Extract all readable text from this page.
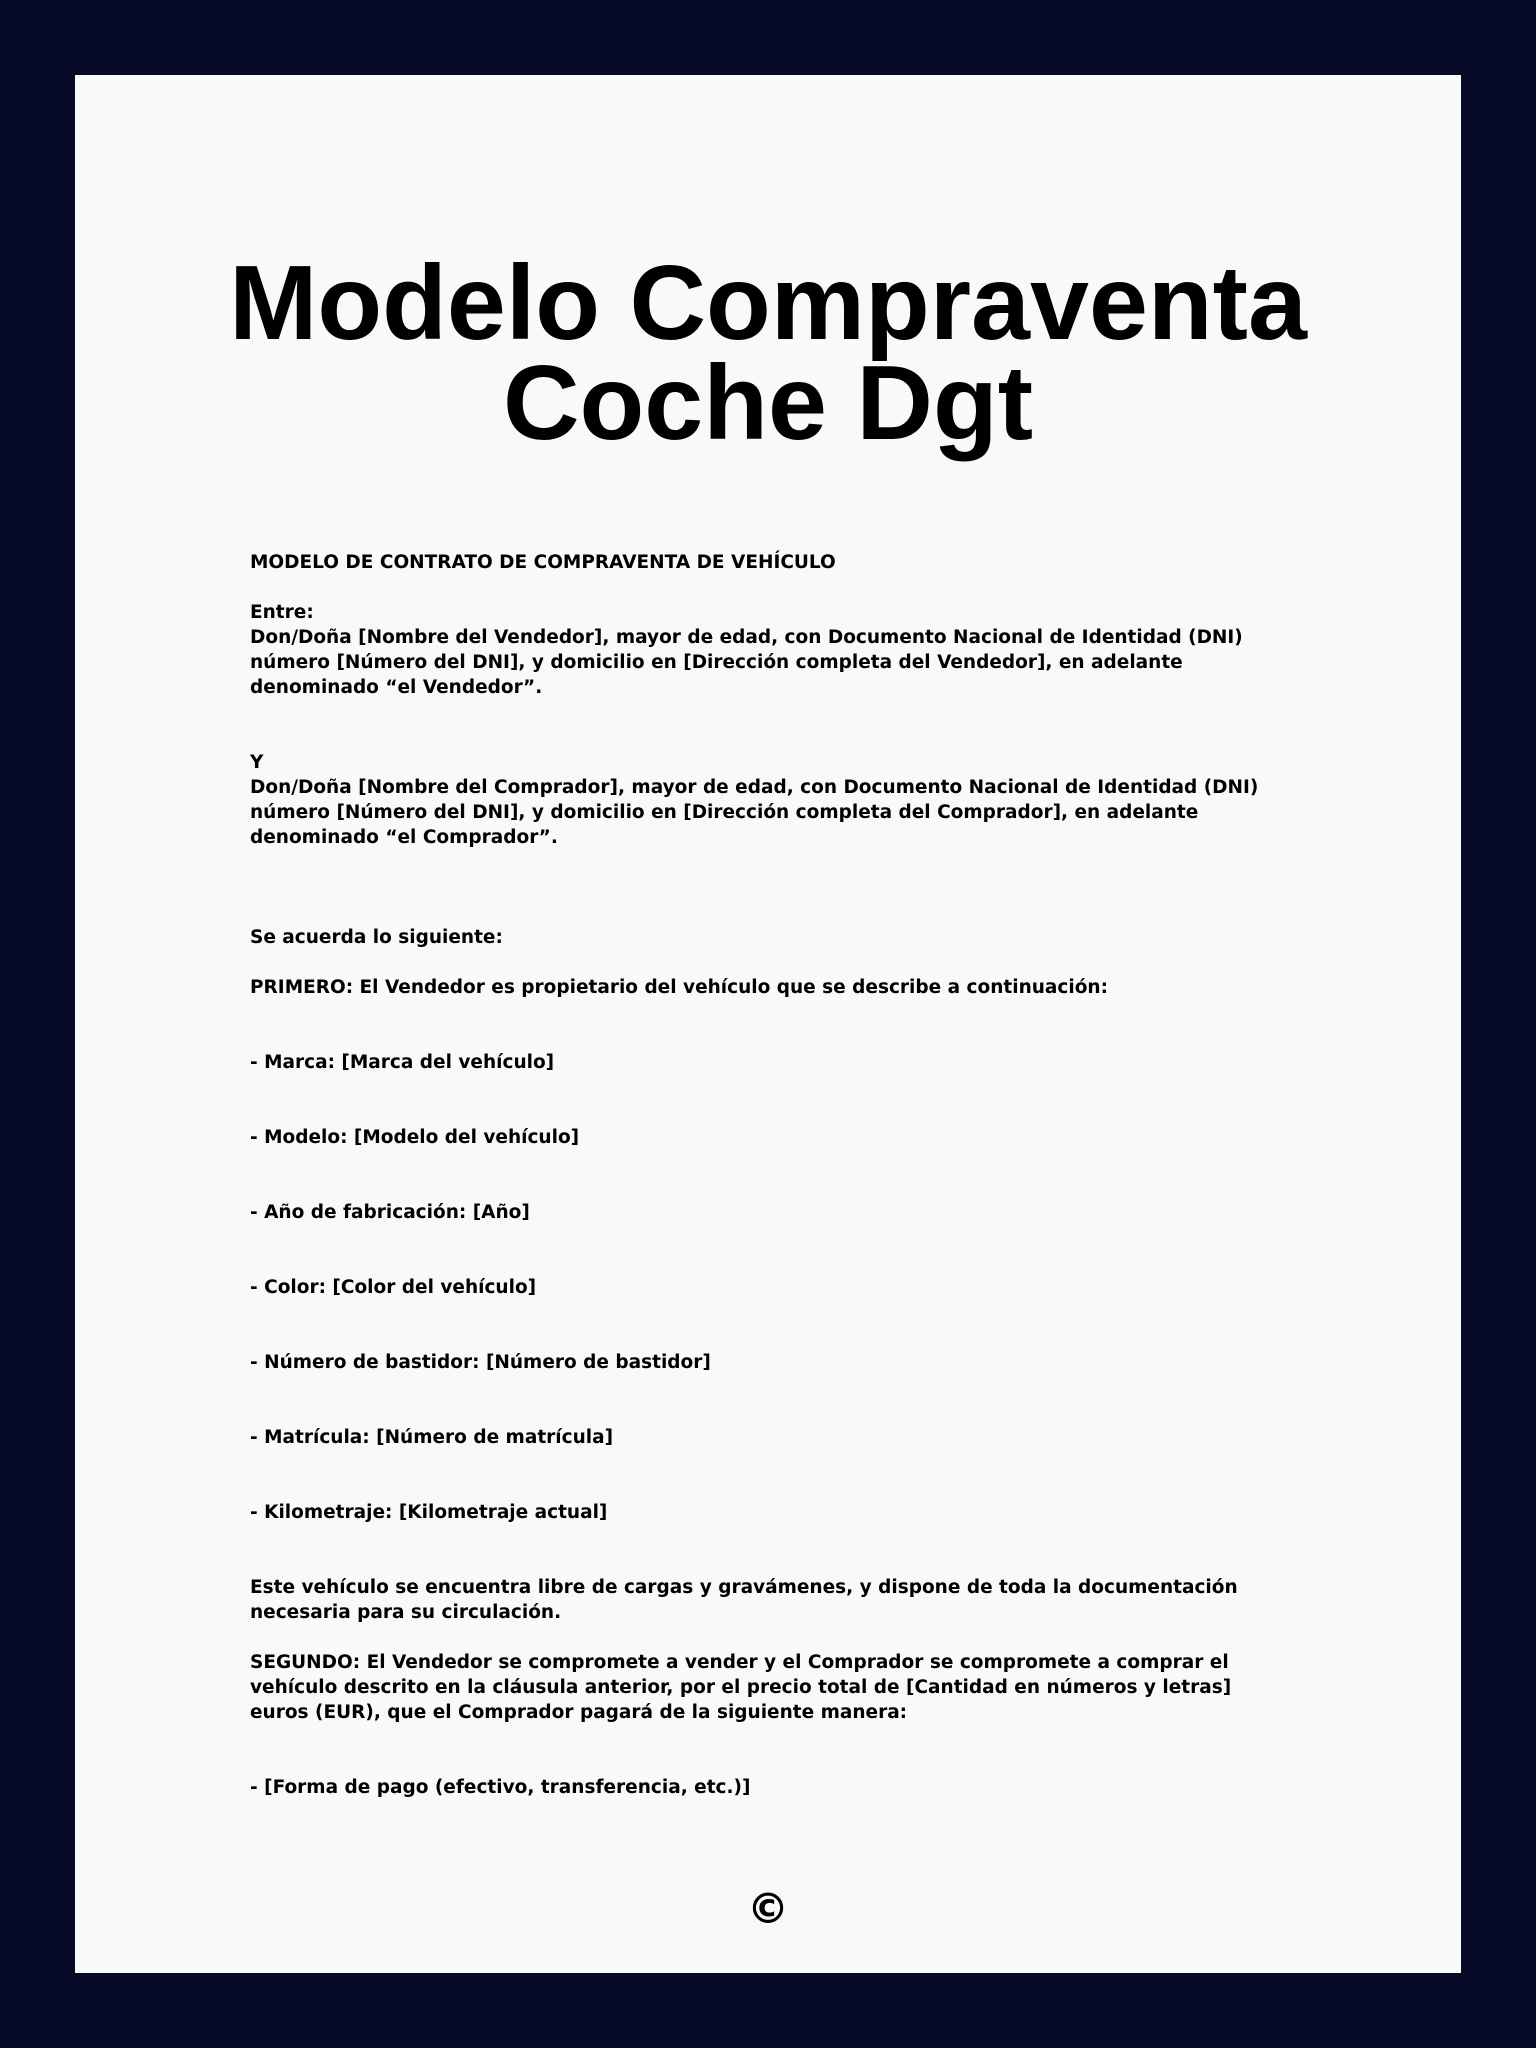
Modelo Compraventa Coche Dgt

MODELO DE CONTRATO DE COMPRAVENTA DE VEHÍCULO

Entre:

Don/Doña [Nombre del Vendedor], mayor de edad, con Documento Nacional de Identidad (DNI) número [Número del DNI], y domicilio en [Dirección completa del Vendedor], en adelante denominado “el Vendedor”.

Y

Don/Doña [Nombre del Comprador], mayor de edad, con Documento Nacional de Identidad (DNI) número [Número del DNI], y domicilio en [Dirección completa del Comprador], en adelante denominado “el Comprador”.

Se acuerda lo siguiente:

PRIMERO: El Vendedor es propietario del vehículo que se describe a continuación:

- Marca: [Marca del vehículo]

- Modelo: [Modelo del vehículo]

- Año de fabricación: [Año]

- Color: [Color del vehículo]

- Número de bastidor: [Número de bastidor]

- Matrícula: [Número de matrícula]

- Kilometraje: [Kilometraje actual]

Este vehículo se encuentra libre de cargas y gravámenes, y dispone de toda la documentación necesaria para su circulación.

SEGUNDO: El Vendedor se compromete a vender y el Comprador se compromete a comprar el vehículo descrito en la cláusula anterior, por el precio total de [Cantidad en números y letras] euros (EUR), que el Comprador pagará de la siguiente manera:

- [Forma de pago (efectivo, transferencia, etc.)]

©
